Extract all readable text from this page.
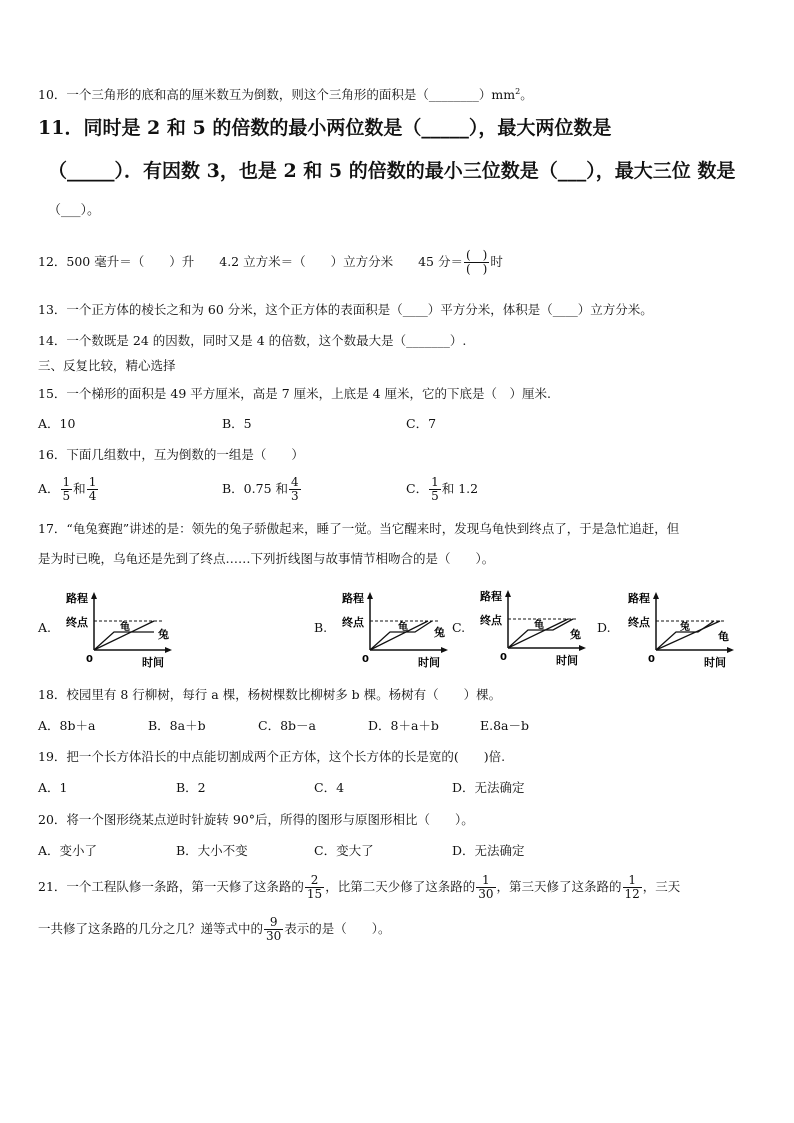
10．一个三角形的底和高的厘米数互为倒数，则这个三角形的面积是$(\_\_\_\_\_\_\_\_)mm^2$。
11．同时是 2 和 5 的倍数的最小两位数是（_____），最大两位数是
（_____）．有因数 3，也是 2 和 5 的倍数的最小三位数是（___），最大三位 数是
（___）。
12．500 毫升＝（　　）升　　4.2 立方米＝（　　）立方分米　　45 分＝ $\frac{( )}{( )}$ 时
13．一个正方体的棱长之和为 60 分米，这个正方体的表面积是（____）平方分米，体积是（____）立方分米。
14．一个数既是 24 的因数，同时又是 4 的倍数，这个数最大是（_______）.
三、反复比较，精心选择
15．一个梯形的面积是 49 平方厘米，高是 7 厘米，上底是 4 厘米，它的下底是（　）厘米.
A．10	B．5	C．7
16．下面几组数中，互为倒数的一组是（　　）
A． $\frac{1}{5}$ 和 $\frac{1}{4}$	B．0.75 和 $\frac{4}{3}$	C． $\frac{1}{5}$ 和 1.2
17．“龟兔赛跑”讲述的是：领先的兔子骄傲起来，睡了一觉。当它醒来时，发现乌龟快到终点了，于是急忙追赶，但
是为时已晚，乌龟还是先到了终点……下列折线图与故事情节相吻合的是（　　）。
A.	B.	C.	D.
路程
终点
0	时间
龟
兔
路程
终点
0	时间
龟 兔
路程
终点
0	时间
龟
兔
路程
终点
0	时间
兔
龟
18．校园里有 8 行柳树，每行 a 棵，杨树棵数比柳树多 b 棵。杨树有（　　）棵。
A．8b＋a	B．8a＋b	C．8b－a	D．8＋a＋b	E.8a－b
19．把一个长方体沿长的中点能切割成两个正方体，这个长方体的长是宽的(　　)倍.
A．1	B．2	C．4	D．无法确定
20．将一个图形绕某点逆时针旋转 90°后，所得的图形与原图形相比（　　）。
A．变小了	B．大小不变	C．变大了	D．无法确定
21．一个工程队修一条路，第一天修了这条路的 $\frac{2}{15}$ ，比第二天少修了这条路的 $\frac{1}{30}$ ，第三天修了这条路的 $\frac{1}{12}$ ，三天
一共修了这条路的几分之几？递等式中的 $\frac{9}{30}$ 表示的是（　　）。
